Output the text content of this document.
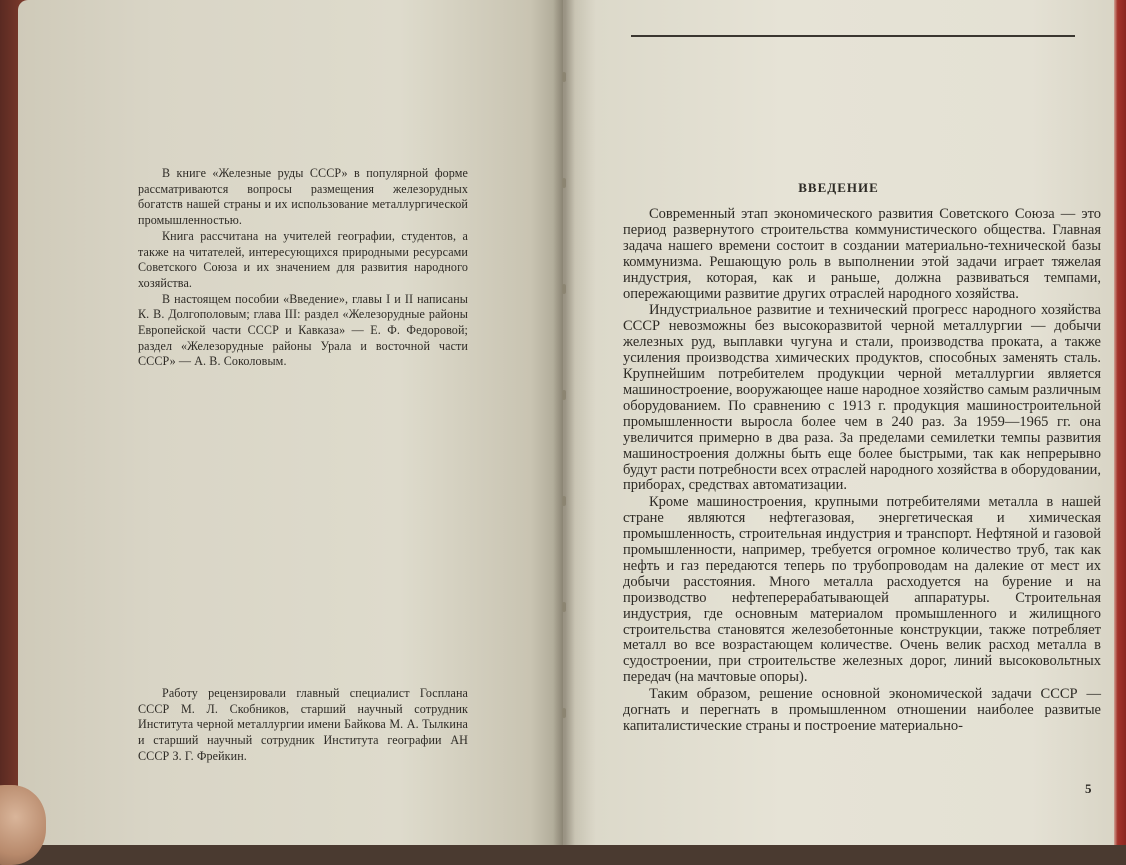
В книге «Железные руды СССР» в популярной форме рассматриваются вопросы размещения железорудных богатств нашей страны и их использование металлургической промышленностью.

Книга рассчитана на учителей географии, студентов, а также на читателей, интересующихся природными ресурсами Советского Союза и их значением для развития народного хозяйства.

В настоящем пособии «Введение», главы I и II написаны К. В. Долгополовым; глава III: раздел «Железорудные районы Европейской части СССР и Кавказа» — Е. Ф. Федоровой; раздел «Железорудные районы Урала и восточной части СССР» — А. В. Соколовым.

Работу рецензировали главный специалист Госплана СССР М. Л. Скобников, старший научный сотрудник Института черной металлургии имени Байкова М. А. Тылкина и старший научный сотрудник Института географии АН СССР З. Г. Фрейкин.

ВВЕДЕНИЕ

Современный этап экономического развития Советского Союза — это период развернутого строительства коммунистического общества. Главная задача нашего времени состоит в создании материально-технической базы коммунизма. Решающую роль в выполнении этой задачи играет тяжелая индустрия, которая, как и раньше, должна развиваться темпами, опережающими развитие других отраслей народного хозяйства.

Индустриальное развитие и технический прогресс народного хозяйства СССР невозможны без высокоразвитой черной металлургии — добычи железных руд, выплавки чугуна и стали, производства проката, а также усиления производства химических продуктов, способных заменять сталь. Крупнейшим потребителем продукции черной металлургии является машиностроение, вооружающее наше народное хозяйство самым различным оборудованием. По сравнению с 1913 г. продукция машиностроительной промышленности выросла более чем в 240 раз. За 1959—1965 гг. она увеличится примерно в два раза. За пределами семилетки темпы развития машиностроения должны быть еще более быстрыми, так как непрерывно будут расти потребности всех отраслей народного хозяйства в оборудовании, приборах, средствах автоматизации.

Кроме машиностроения, крупными потребителями металла в нашей стране являются нефтегазовая, энергетическая и химическая промышленность, строительная индустрия и транспорт. Нефтяной и газовой промышленности, например, требуется огромное количество труб, так как нефть и газ передаются теперь по трубопроводам на далекие от мест их добычи расстояния. Много металла расходуется на бурение и на производство нефтеперерабатывающей аппаратуры. Строительная индустрия, где основным материалом промышленного и жилищного строительства становятся железобетонные конструкции, также потребляет металл во все возрастающем количестве. Очень велик расход металла в судостроении, при строительстве железных дорог, линий высоковольтных передач (на мачтовые опоры).

Таким образом, решение основной экономической задачи СССР — догнать и перегнать в промышленном отношении наиболее развитые капиталистические страны и построение материально-

5
